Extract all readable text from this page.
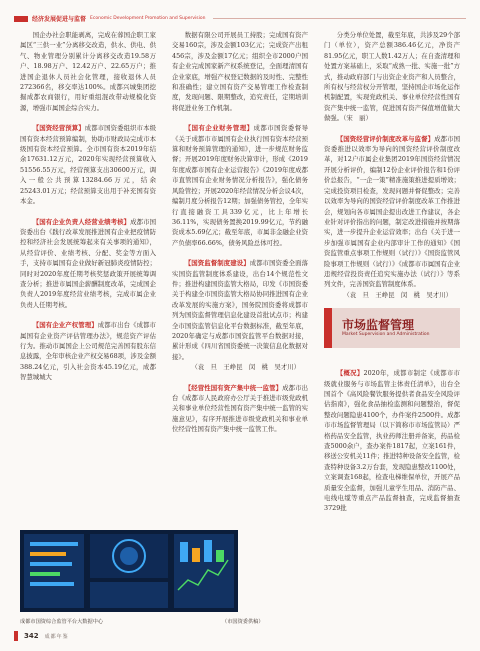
经济发展促进与监督 Economic Development Promotion and Supervision

国企办社会职能剥离，完成在蓉国企职工家属区“三供一业”分离移交改造，供水、供电、供气、物业管理分别累计分离移交改造19.58万户、18.98万户、12.42万户、22.65万户；推进国企退休人员社会化管理，接收退休人员272366名，移交率达100%。成都兴城集团挖掘成都农商银行，用好重组混改带动规模化资源，增强市属国企综合实力。

【国资经营预算】成都市国资委组织市本级国有资本经营预算编制，协助市财政局完成市本级国有资本经营预算。全市国有资本2019年结余17631.12万元，2020年实现经营预算收入51556.55万元，经营预算支出30600万元，调入一般公共预算13284.66万元，结余25243.01万元；经营预算支出用于补充国有资本金。

【国有企业负责人经营业绩考核】成都市国资委出台《践行改革发展推进国有企业把疫情防控和经济社会发展统筹起来有关事项的通知》，从经营评价、业绩考核、分配、奖金等方面入手，支持市属国有企业做好新冠肺炎疫情防控；同时对2020年度任期考核奖惩政策开展统筹调查分析；推进市属国企薪酬制度改革，完成国企负责人2019年度经营业绩考核，完成市属企业负责人任期考核。

【国有企业产权管理】成都市出台《成都市属国有企业资产评估管理办法》，规范资产评估行为。推动市属国企上公司规范完善国有股东信息披露，全年审核企业产权交易68项，涉及金额388.24亿元，引入社会资本45.19亿元，成都智慧城城大

数据有限公司开展员工持股；完成国有资产交易160宗，涉及金额103亿元；完成资产出租456宗，涉及金额17亿元；组织全市2000户国有企业完成国家新产权系统登记，全面理清国有企业家底，增强产权登记数据的及时性、完整性和准确性；建立国有资产交易管理工作检查制度，发现问题、限期整改，追究责任，定期培训将促进业务工作机制。

【国有企业财务管理】成都市国资委督导《关于成都市市属国有企业执行国有资本经营预算和财务预算管理的通知》，进一步规范财务监督；开展2019年度财务决算审计，形成《2019年度成都市国有企业运营报告》《2019年度成都市直管国有企业财务情况分析报告》，强化债务风险管控；开展2020年经营情况分析会议4次，编制月度分析报告12期；加强债务管控，全年实行直接融资工具339亿元，比上年增长36.11%，实现债务置换2019.99亿元，节约融资成本5.69亿元；截至年底，市属非金融企业资产负债率66.66%，债务风险总体可控。

【国资监督制度建设】成都市国资委全面落实国资监管制度体系建设，出台14个规范性文件；推进构建国资监管大格局，印发《市国资委关于构建全市国资监管大格局协同推进国有企业改革发展的实施方案》，国务院国资委将成都市列为国资监督管理信息化建设首批试点市；构建全市国资监管信息化平台数据标准，截至年底，2020年确定与成都市国资监管平台数据对接，累计形成《四川省国资委统一决策信息化数据对接》。

（袁　旦　王峥昆　闵　桃　吴才川）

【经营性国有资产集中统一监管】成都市出台《成都市人民政府办公厅关于推进市级党政机关和事业单位经营性国有资产集中统一监管的实施意见》，有序开展推进市级党政机关和事业单位经营性国有资产集中统一监管工作。

分类分单位处置，截至年底，共涉及29个部门（单位），资产总额386.46亿元，净资产81.95亿元，职工人数1.42万人；在自查清理和处置方案基础上，采取“成熟一批、实施一批”方式，推动政府部门与出资企业资产和人员整合，所有权与经营权分开管理，坚持国企市场化运作机制配置，实现党政机关、事业单位经营性国有资产集中统一监管，促进国有资产保值增值做大做强。（宋　丽）

【国资经营评价制度改革与监督】成都市国资委推进以效率为导向的国资经营评价制度改革，对12户市属企业集团2019年国资经营情况开展分析评价，编制12份企业评价报告和1份评价总报告，“一企一策”精准施策推进提质增效；完成投资项目检查，发现问题并督促整改；完善以效率为导向的国资经营评价制度改革工作推进会，规划向各市属国企提出改进工作建议，各企业针对评价指出的问题，制定改进措施并按期落实，进一步提升企业运营效率；出台《关于进一步加强市属国有企业内部审计工作的通知》《国资监管重点事项工作规则（试行）》《国资监管风险事项工作规则（试行）》《成都市市属国有企业违规经营投资责任追究实施办法（试行）》等系列文件，完善国资监管制度体系。

（袁　旦　王峥昆　闵　桃　吴才川）

市场监督管理
Market Supervision and Administration

【概况】2020年，成都市制定《成都市市级就业服务与市场监管主体责任清单》，出台全国首个《高风险餐饮服务提供者食品安全风险评估指南》，强化食品抽检监测和问题整治，督促整改问题隐患4100个，办件案件2500件。成都市市场监督管理局（以下简称市市场监管局）严格药品安全监管，执业药师注册并备案，药品检查5000余户，查办案件1817起，立案161件，移送公安机关11件；推进特种设备安全监管，检查特种设备3.2万台套，发现隐患整改1100处，立案调查168起，检查电梯维保单位，开展产品质量安全监督，加强儿童学生用品、消防产品、电线电缆等重点产品监督抽查，完成监督抽查3729批

成都市国资综合监管平台大数据中心	（市国资委供稿）
342 成都年鉴
